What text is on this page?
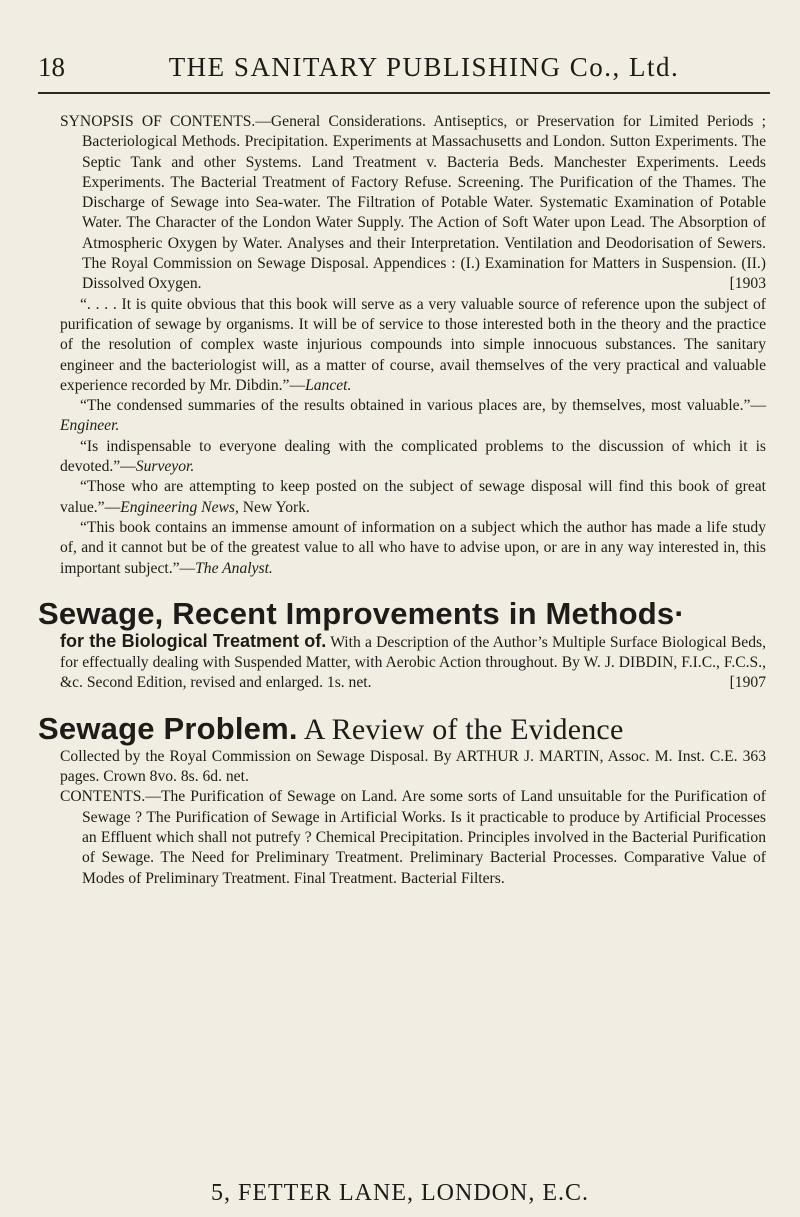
18	THE SANITARY PUBLISHING Co., Ltd.

SYNOPSIS OF CONTENTS.—General Considerations. Antiseptics, or Preservation for Limited Periods ; Bacteriological Methods. Precipitation. Experiments at Massachusetts and London. Sutton Experiments. The Septic Tank and other Systems. Land Treatment v. Bacteria Beds. Manchester Experiments. Leeds Experiments. The Bacterial Treatment of Factory Refuse. Screening. The Purification of the Thames. The Discharge of Sewage into Sea-water. The Filtration of Potable Water. Systematic Examination of Potable Water. The Character of the London Water Supply. The Action of Soft Water upon Lead. The Absorption of Atmospheric Oxygen by Water. Analyses and their Interpretation. Ventilation and Deodorisation of Sewers. The Royal Commission on Sewage Disposal. Appendices : (I.) Examination for Matters in Suspension. (II.) Dissolved Oxygen.	[1903

“. . . . It is quite obvious that this book will serve as a very valuable source of reference upon the subject of purification of sewage by organisms. It will be of service to those interested both in the theory and the practice of the resolution of complex waste injurious compounds into simple innocuous substances. The sanitary engineer and the bacteriologist will, as a matter of course, avail themselves of the very practical and valuable experience recorded by Mr. Dibdin.”—Lancet.

“The condensed summaries of the results obtained in various places are, by themselves, most valuable.”—Engineer.

“Is indispensable to everyone dealing with the complicated problems to the discussion of which it is devoted.”—Surveyor.

“Those who are attempting to keep posted on the subject of sewage disposal will find this book of great value.”—Engineering News, New York.

“This book contains an immense amount of information on a subject which the author has made a life study of, and it cannot but be of the greatest value to all who have to advise upon, or are in any way interested in, this important subject.”—The Analyst.

Sewage, Recent Improvements in Methods·

for the Biological Treatment of. With a Description of the Author’s Multiple Surface Biological Beds, for effectually dealing with Suspended Matter, with Aerobic Action throughout. By W. J. DIBDIN, F.I.C., F.C.S., &c. Second Edition, revised and enlarged. 1s. net.	[1907

Sewage Problem. A Review of the Evidence

Collected by the Royal Commission on Sewage Disposal. By ARTHUR J. MARTIN, Assoc. M. Inst. C.E. 363 pages. Crown 8vo. 8s. 6d. net.

CONTENTS.—The Purification of Sewage on Land. Are some sorts of Land unsuitable for the Purification of Sewage ? The Purification of Sewage in Artificial Works. Is it practicable to produce by Artificial Processes an Effluent which shall not putrefy ? Chemical Precipitation. Principles involved in the Bacterial Purification of Sewage. The Need for Preliminary Treatment. Preliminary Bacterial Processes. Comparative Value of Modes of Preliminary Treatment. Final Treatment. Bacterial Filters.

5, FETTER LANE, LONDON, E.C.
